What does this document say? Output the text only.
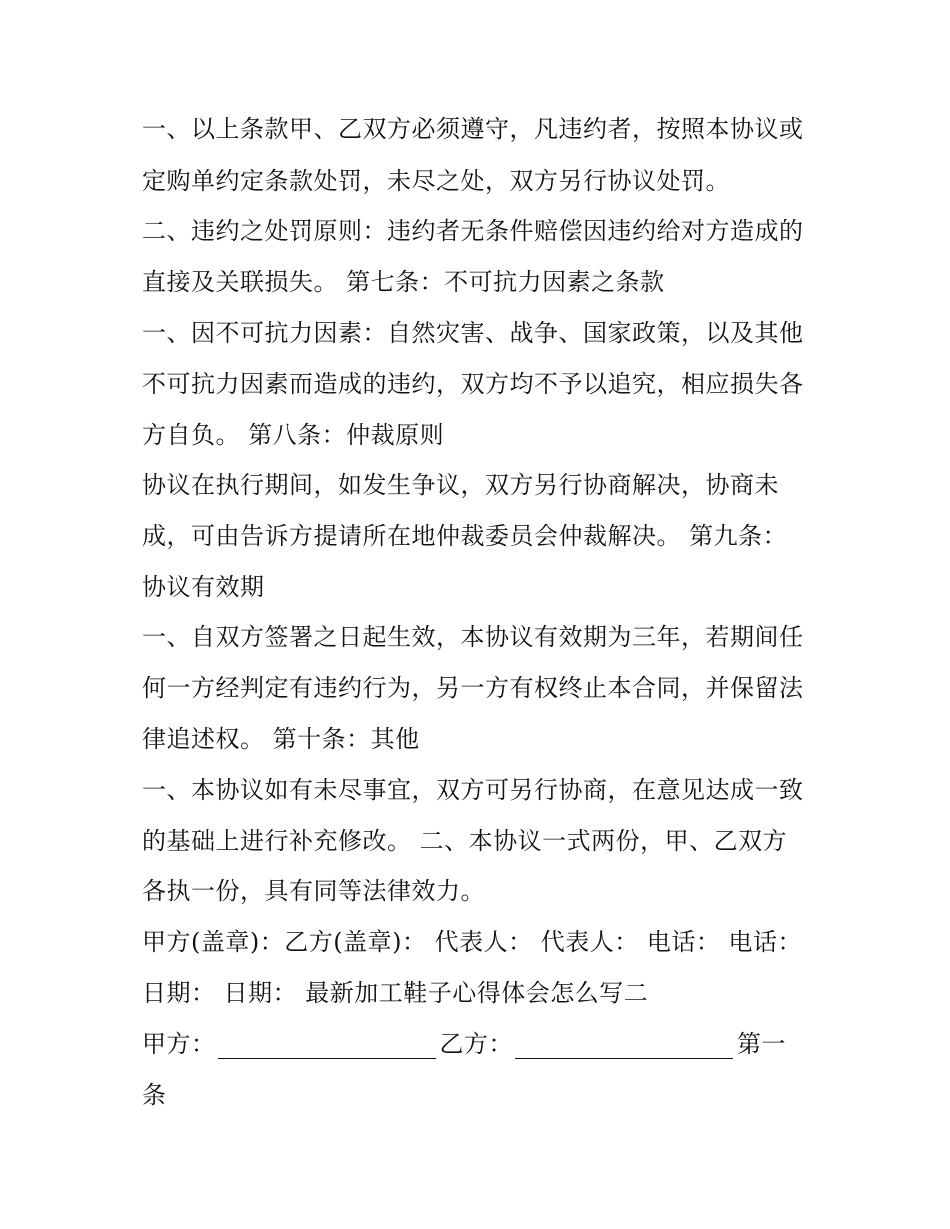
一、以上条款甲、乙双方必须遵守，凡违约者，按照本协议或
定购单约定条款处罚，未尽之处，双方另行协议处罚。
二、违约之处罚原则：违约者无条件赔偿因违约给对方造成的
直接及关联损失。 第七条：不可抗力因素之条款
一、因不可抗力因素：自然灾害、战争、国家政策，以及其他
不可抗力因素而造成的违约，双方均不予以追究，相应损失各
方自负。 第八条：仲裁原则
协议在执行期间，如发生争议，双方另行协商解决，协商未
成，可由告诉方提请所在地仲裁委员会仲裁解决。 第九条：
协议有效期
一、自双方签署之日起生效，本协议有效期为三年，若期间任
何一方经判定有违约行为，另一方有权终止本合同，并保留法
律追述权。 第十条：其他
一、本协议如有未尽事宜，双方可另行协商，在意见达成一致
的基础上进行补充修改。 二、本协议一式两份，甲、乙双方
各执一份，具有同等法律效力。
甲方(盖章)：乙方(盖章)： 代表人： 代表人： 电话： 电话：
日期： 日期： 最新加工鞋子心得体会怎么写二
甲方：	乙方：	第一
条
